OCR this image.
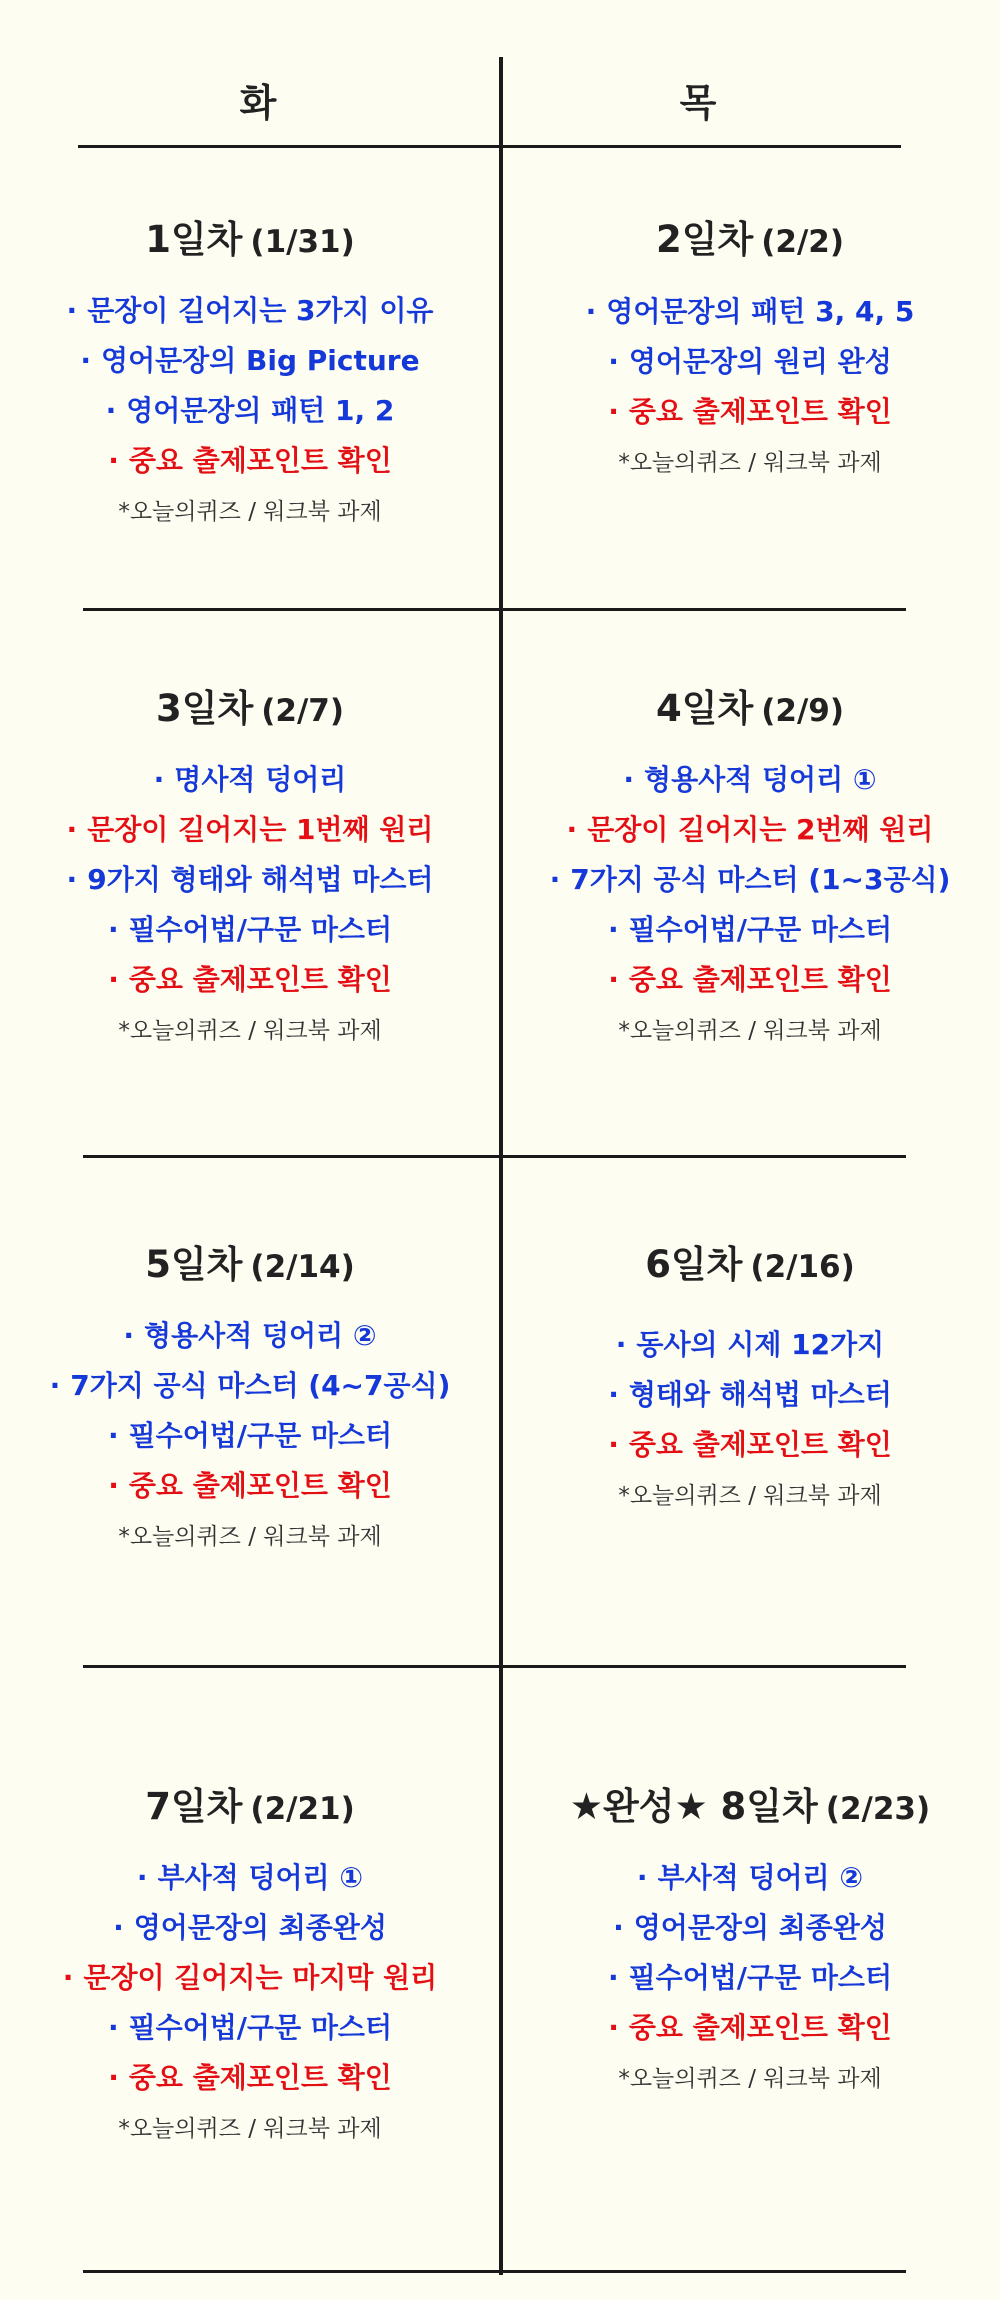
화	목
1일차 (1/31)
· 문장이 길어지는 3가지 이유
· 영어문장의 Big Picture
· 영어문장의 패턴 1, 2
· 중요 출제포인트 확인
*오늘의퀴즈 / 워크북 과제
2일차 (2/2)
· 영어문장의 패턴 3, 4, 5
· 영어문장의 원리 완성
· 중요 출제포인트 확인
*오늘의퀴즈 / 워크북 과제
3일차 (2/7)
· 명사적 덩어리
· 문장이 길어지는 1번째 원리
· 9가지 형태와 해석법 마스터
· 필수어법/구문 마스터
· 중요 출제포인트 확인
*오늘의퀴즈 / 워크북 과제
4일차 (2/9)
· 형용사적 덩어리 ①
· 문장이 길어지는 2번째 원리
· 7가지 공식 마스터 (1~3공식)
· 필수어법/구문 마스터
· 중요 출제포인트 확인
*오늘의퀴즈 / 워크북 과제
5일차 (2/14)
· 형용사적 덩어리 ②
· 7가지 공식 마스터 (4~7공식)
· 필수어법/구문 마스터
· 중요 출제포인트 확인
*오늘의퀴즈 / 워크북 과제
6일차 (2/16)
· 동사의 시제 12가지
· 형태와 해석법 마스터
· 중요 출제포인트 확인
*오늘의퀴즈 / 워크북 과제
7일차 (2/21)
· 부사적 덩어리 ①
· 영어문장의 최종완성
· 문장이 길어지는 마지막 원리
· 필수어법/구문 마스터
· 중요 출제포인트 확인
*오늘의퀴즈 / 워크북 과제
★완성★ 8일차 (2/23)
· 부사적 덩어리 ②
· 영어문장의 최종완성
· 필수어법/구문 마스터
· 중요 출제포인트 확인
*오늘의퀴즈 / 워크북 과제
